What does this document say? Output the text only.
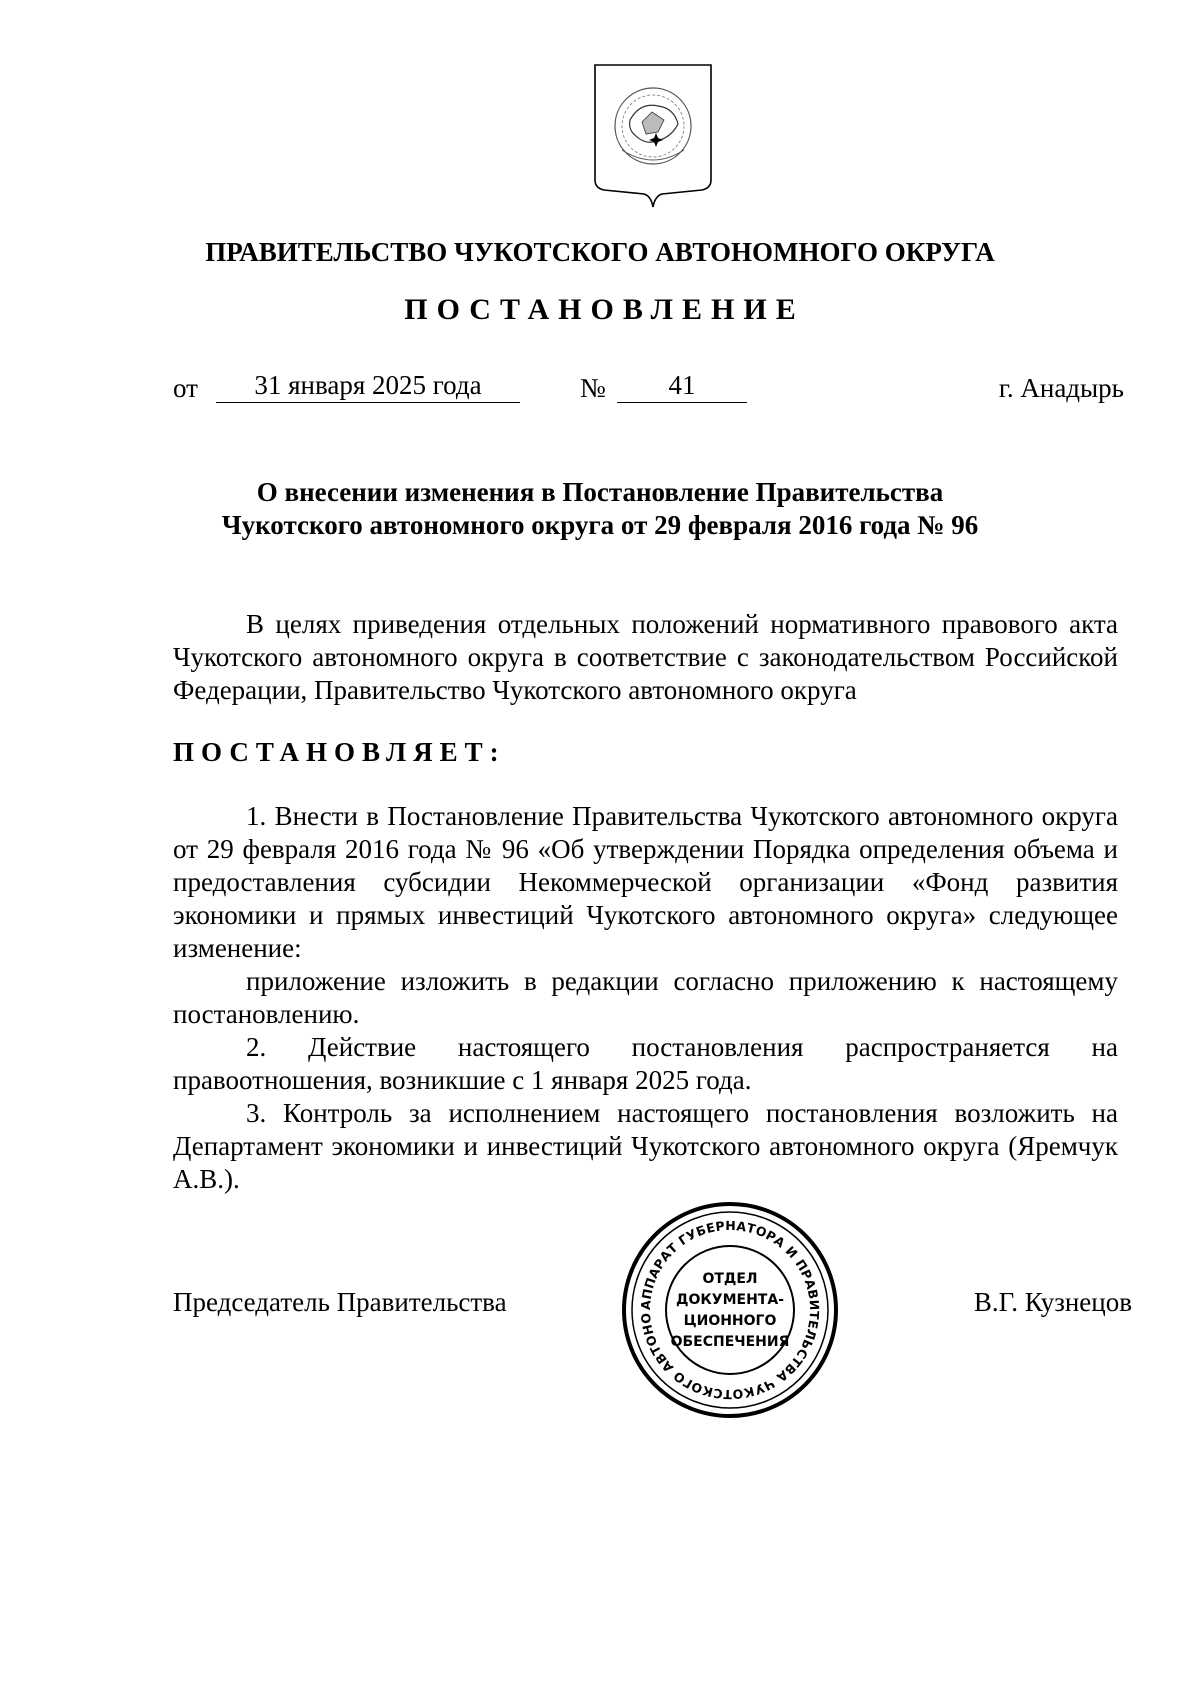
ПРАВИТЕЛЬСТВО ЧУКОТСКОГО АВТОНОМНОГО ОКРУГА
ПОСТАНОВЛЕНИЕ
от	31 января 2025 года	№	41	г. Анадырь
О внесении изменения в Постановление Правительства
Чукотского автономного округа от 29 февраля 2016 года № 96

В целях приведения отдельных положений нормативного правового акта Чукотского автономного округа в соответствие с законодательством Российской Федерации, Правительство Чукотского автономного округа

ПОСТАНОВЛЯЕТ:

1. Внести в Постановление Правительства Чукотского автономного округа от 29 февраля 2016 года № 96 «Об утверждении Порядка определения объема и предоставления субсидии Некоммерческой организации «Фонд развития экономики и прямых инвестиций Чукотского автономного округа» следующее изменение:

приложение изложить в редакции согласно приложению к настоящему постановлению.

2. Действие настоящего постановления распространяется на правоотношения, возникшие с 1 января 2025 года.

3. Контроль за исполнением настоящего постановления возложить на Департамент экономики и инвестиций Чукотского автономного округа (Яремчук А.В.).

Председатель Правительства	В.Г. Кузнецов
АППАРАТ ГУБЕРНАТОРА И ПРАВИТЕЛЬСТВА ЧУКОТСКОГО АВТОНО
ОТДЕЛ
ДОКУМЕНТА-
ЦИОННОГО
ОБЕСПЕЧЕНИЯ
